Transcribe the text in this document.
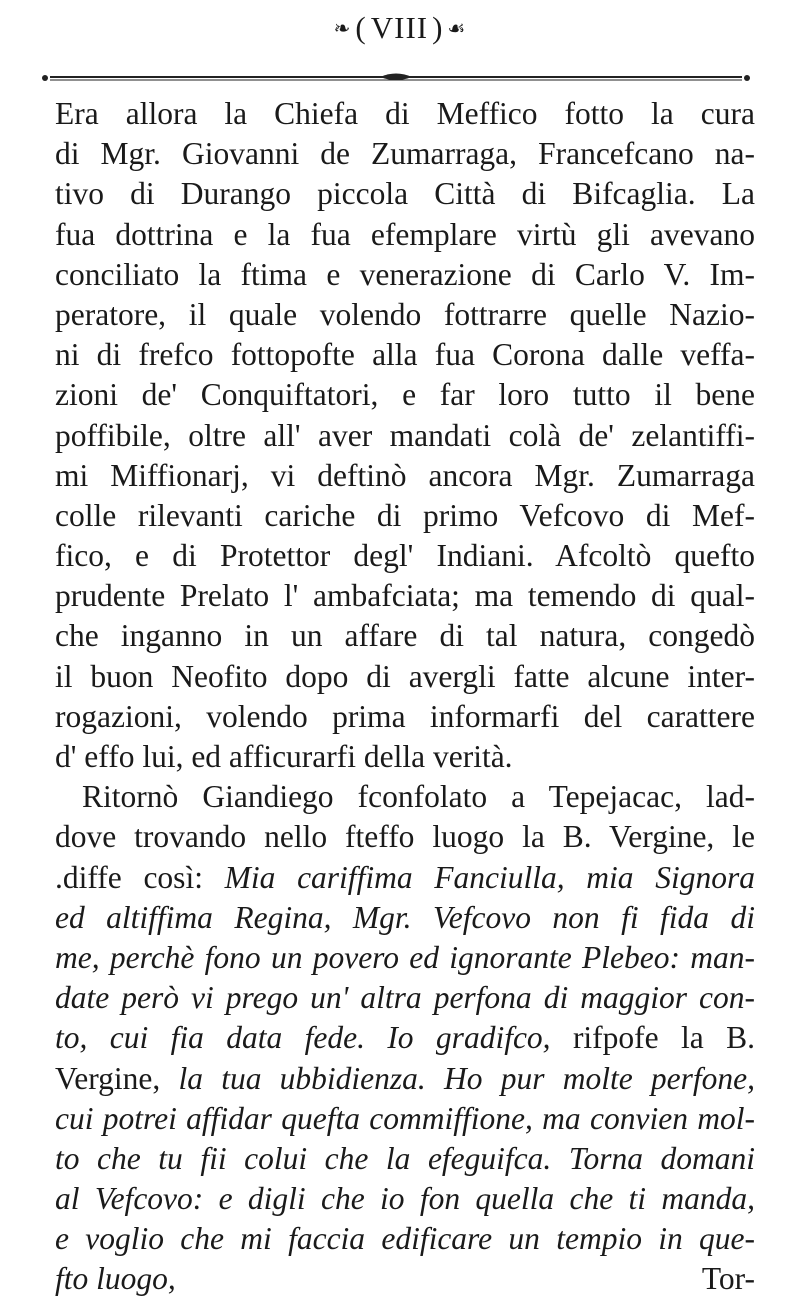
❧ ( VIII ) ☙
Era allora la Chiefa di Meffico fotto la cura
di Mgr. Giovanni de Zumarraga, Francefcano na-
tivo di Durango piccola Città di Bifcaglia. La
fua dottrina e la fua efemplare virtù gli avevano
conciliato la ftima e venerazione di Carlo V. Im-
peratore, il quale volendo fottrarre quelle Nazio-
ni di frefco fottopofte alla fua Corona dalle veffa-
zioni de' Conquiftatori, e far loro tutto il bene
poffibile, oltre all' aver mandati colà de' zelantiffi-
mi Miffionarj, vi deftinò ancora Mgr. Zumarraga
colle rilevanti cariche di primo Vefcovo di Mef-
fico, e di Protettor degl' Indiani. Afcoltò quefto
prudente Prelato l' ambafciata; ma temendo di qual-
che inganno in un affare di tal natura, congedò
il buon Neofito dopo di avergli fatte alcune inter-
rogazioni, volendo prima informarfi del carattere
d' effo lui, ed afficurarfi della verità.
Ritornò Giandiego fconfolato a Tepejacac, lad-
dove trovando nello fteffo luogo la B. Vergine, le
.diffe così: Mia cariffima Fanciulla, mia Signora
ed altiffima Regina, Mgr. Vefcovo non fi fida di
me, perchè fono un povero ed ignorante Plebeo: man-
date però vi prego un' altra perfona di maggior con-
to, cui fia data fede. Io gradifco, rifpofe la B.
Vergine, la tua ubbidienza. Ho pur molte perfone,
cui potrei affidar quefta commiffione, ma convien mol-
to che tu fii colui che la efeguifca. Torna domani
al Vefcovo: e digli che io fon quella che ti manda,
e voglio che mi faccia edificare un tempio in que-
fto luogo,	Tor-
